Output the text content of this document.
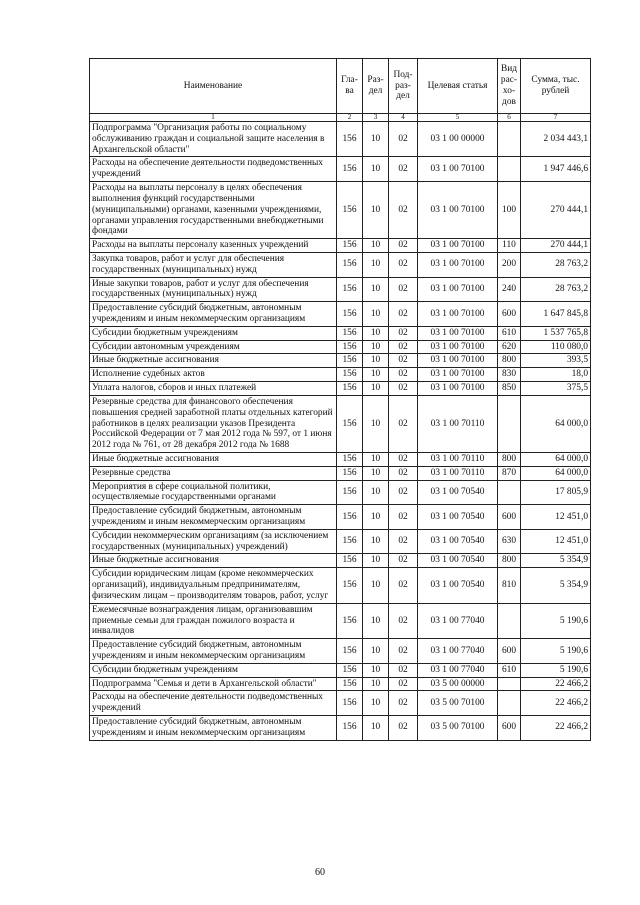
Наименование	Гла-ва	Раз-дел	Под-раз-дел	Целевая статья	Вид рас-хо-дов	Сумма, тыс. рублей
1	2	3	4	5	6	7
Подпрограмма "Организация работы по социальному обслуживанию граждан и социальной защите населения в Архангельской области"	156	10	02	03 1 00 00000		2 034 443,1
Расходы на обеспечение деятельности подведомственных учреждений	156	10	02	03 1 00 70100		1 947 446,6
Расходы на выплаты персоналу в целях обеспечения выполнения функций государственными (муниципальными) органами, казенными учреждениями, органами управления государственными внебюджетными фондами	156	10	02	03 1 00 70100	100	270 444,1
Расходы на выплаты персоналу казенных учреждений	156	10	02	03 1 00 70100	110	270 444,1
Закупка товаров, работ и услуг для обеспечения государственных (муниципальных) нужд	156	10	02	03 1 00 70100	200	28 763,2
Иные закупки товаров, работ и услуг для обеспечения государственных (муниципальных) нужд	156	10	02	03 1 00 70100	240	28 763,2
Предоставление субсидий бюджетным, автономным учреждениям и иным некоммерческим организациям	156	10	02	03 1 00 70100	600	1 647 845,8
Субсидии бюджетным учреждениям	156	10	02	03 1 00 70100	610	1 537 765,8
Субсидии автономным учреждениям	156	10	02	03 1 00 70100	620	110 080,0
Иные бюджетные ассигнования	156	10	02	03 1 00 70100	800	393,5
Исполнение судебных актов	156	10	02	03 1 00 70100	830	18,0
Уплата налогов, сборов и иных платежей	156	10	02	03 1 00 70100	850	375,5
Резервные средства для финансового обеспечения повышения средней заработной платы отдельных категорий работников в целях реализации указов Президента Российской Федерации от 7 мая 2012 года № 597, от 1 июня 2012 года № 761, от 28 декабря 2012 года № 1688	156	10	02	03 1 00 70110		64 000,0
Иные бюджетные ассигнования	156	10	02	03 1 00 70110	800	64 000,0
Резервные средства	156	10	02	03 1 00 70110	870	64 000,0
Мероприятия в сфере социальной политики, осуществляемые государственными органами	156	10	02	03 1 00 70540		17 805,9
Предоставление субсидий бюджетным, автономным учреждениям и иным некоммерческим организациям	156	10	02	03 1 00 70540	600	12 451,0
Субсидии некоммерческим организациям (за исключением государственных (муниципальных) учреждений)	156	10	02	03 1 00 70540	630	12 451,0
Иные бюджетные ассигнования	156	10	02	03 1 00 70540	800	5 354,9
Субсидии юридическим лицам (кроме некоммерческих организаций), индивидуальным предпринимателям, физическим лицам – производителям товаров, работ, услуг	156	10	02	03 1 00 70540	810	5 354,9
Ежемесячные вознаграждения лицам, организовавшим приемные семьи для граждан пожилого возраста и инвалидов	156	10	02	03 1 00 77040		5 190,6
Предоставление субсидий бюджетным, автономным учреждениям и иным некоммерческим организациям	156	10	02	03 1 00 77040	600	5 190,6
Субсидии бюджетным учреждениям	156	10	02	03 1 00 77040	610	5 190,6
Подпрограмма "Семья и дети в Архангельской области"	156	10	02	03 5 00 00000		22 466,2
Расходы на обеспечение деятельности подведомственных учреждений	156	10	02	03 5 00 70100		22 466,2
Предоставление субсидий бюджетным, автономным учреждениям и иным некоммерческим организациям	156	10	02	03 5 00 70100	600	22 466,2
60
